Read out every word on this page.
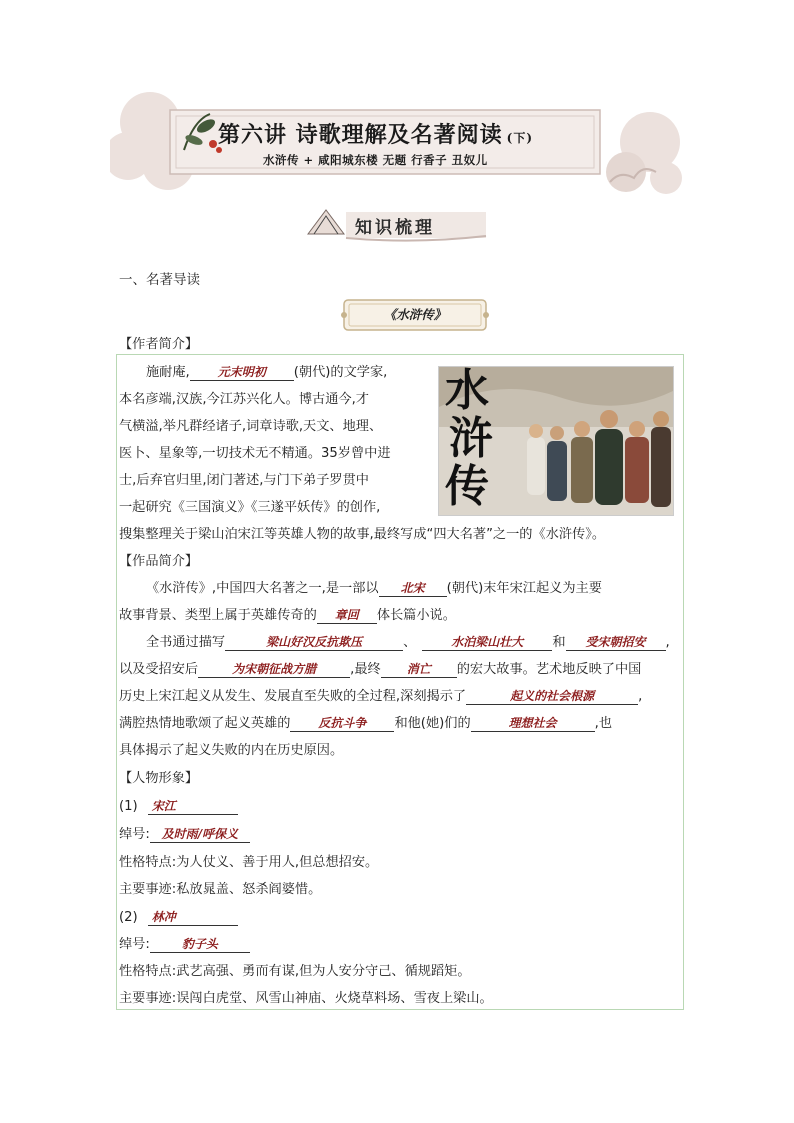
第六讲 诗歌理解及名著阅读 (下)
水浒传 + 咸阳城东楼 无题 行香子 丑奴儿
知识梳理
一、名著导读
《水浒传》
【作者简介】
水
浒
传
施耐庵, 元末明初 (朝代)的文学家,
本名彦端,汉族,今江苏兴化人。博古通今,才
气横溢,举凡群经诸子,词章诗歌,天文、地理、
医卜、星象等,一切技术无不精通。35岁曾中进
士,后弃官归里,闭门著述,与门下弟子罗贯中
一起研究《三国演义》《三遂平妖传》的创作,
搜集整理关于梁山泊宋江等英雄人物的故事,最终写成“四大名著”之一的《水浒传》。
【作品简介】
《水浒传》,中国四大名著之一,是一部以 北宋 (朝代)末年宋江起义为主要
故事背景、类型上属于英雄传奇的 章回 体长篇小说。
全书通过描写	梁山好汉反抗欺压	、	水泊梁山壮大 和 受宋朝招安 ,
以及受招安后	为宋朝征战方腊	,最终 消亡 的宏大故事。艺术地反映了中国
历史上宋江起义从发生、发展直至失败的全过程,深刻揭示了	起义的社会根源	,
满腔热情地歌颂了起义英雄的 反抗斗争 和他(她)们的	理想社会	,也
具体揭示了起义失败的内在历史原因。
【人物形象】
(1) 宋江
绰号: 及时雨/呼保义
性格特点:为人仗义、善于用人,但总想招安。
主要事迹:私放晁盖、怒杀阎婆惜。
(2) 林冲
绰号:	豹子头
性格特点:武艺高强、勇而有谋,但为人安分守己、循规蹈矩。
主要事迹:误闯白虎堂、风雪山神庙、火烧草料场、雪夜上梁山。
